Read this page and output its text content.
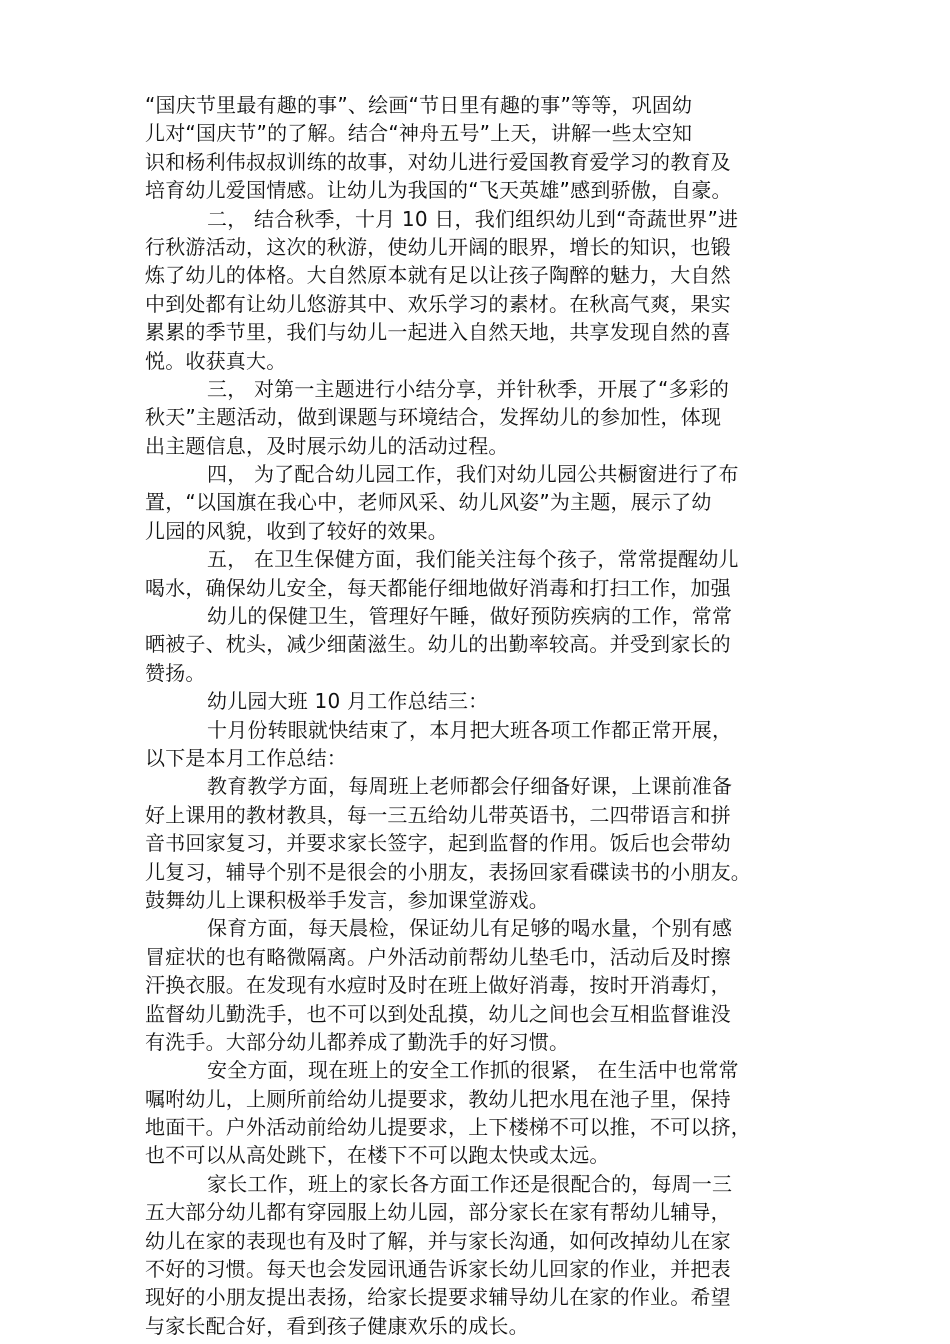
“国庆节里最有趣的事”、绘画“节日里有趣的事”等等，巩固幼
儿对“国庆节”的了解。结合“神舟五号”上天，讲解一些太空知
识和杨利伟叔叔训练的故事，对幼儿进行爱国教育爱学习的教育及
培育幼儿爱国情感。让幼儿为我国的“飞天英雄”感到骄傲，自豪。
二， 结合秋季，十月 10 日，我们组织幼儿到“奇蔬世界”进
行秋游活动，这次的秋游，使幼儿开阔的眼界，增长的知识，也锻
炼了幼儿的体格。大自然原本就有足以让孩子陶醉的魅力，大自然
中到处都有让幼儿悠游其中、欢乐学习的素材。在秋高气爽，果实
累累的季节里，我们与幼儿一起进入自然天地，共享发现自然的喜
悦。收获真大。
三， 对第一主题进行小结分享，并针秋季，开展了“多彩的
秋天”主题活动，做到课题与环境结合，发挥幼儿的参加性，体现
出主题信息，及时展示幼儿的活动过程。
四， 为了配合幼儿园工作，我们对幼儿园公共橱窗进行了布
置，“以国旗在我心中，老师风采、幼儿风姿”为主题，展示了幼
儿园的风貌，收到了较好的效果。
五， 在卫生保健方面，我们能关注每个孩子，常常提醒幼儿
喝水，确保幼儿安全，每天都能仔细地做好消毒和打扫工作，加强
幼儿的保健卫生，管理好午睡，做好预防疾病的工作，常常
晒被子、枕头，减少细菌滋生。幼儿的出勤率较高。并受到家长的
赞扬。
幼儿园大班 10 月工作总结三：
十月份转眼就快结束了，本月把大班各项工作都正常开展，
以下是本月工作总结：
教育教学方面，每周班上老师都会仔细备好课，上课前准备
好上课用的教材教具，每一三五给幼儿带英语书，二四带语言和拼
音书回家复习，并要求家长签字，起到监督的作用。饭后也会带幼
儿复习，辅导个别不是很会的小朋友，表扬回家看碟读书的小朋友。
鼓舞幼儿上课积极举手发言，参加课堂游戏。
保育方面，每天晨检，保证幼儿有足够的喝水量，个别有感
冒症状的也有略微隔离。户外活动前帮幼儿垫毛巾，活动后及时擦
汗换衣服。在发现有水痘时及时在班上做好消毒，按时开消毒灯，
监督幼儿勤洗手，也不可以到处乱摸，幼儿之间也会互相监督谁没
有洗手。大部分幼儿都养成了勤洗手的好习惯。
安全方面，现在班上的安全工作抓的很紧， 在生活中也常常
嘱咐幼儿，上厕所前给幼儿提要求，教幼儿把水甩在池子里，保持
地面干。户外活动前给幼儿提要求，上下楼梯不可以推，不可以挤，
也不可以从高处跳下，在楼下不可以跑太快或太远。
家长工作，班上的家长各方面工作还是很配合的，每周一三
五大部分幼儿都有穿园服上幼儿园，部分家长在家有帮幼儿辅导，
幼儿在家的表现也有及时了解，并与家长沟通，如何改掉幼儿在家
不好的习惯。每天也会发园讯通告诉家长幼儿回家的作业，并把表
现好的小朋友提出表扬，给家长提要求辅导幼儿在家的作业。希望
与家长配合好，看到孩子健康欢乐的成长。
